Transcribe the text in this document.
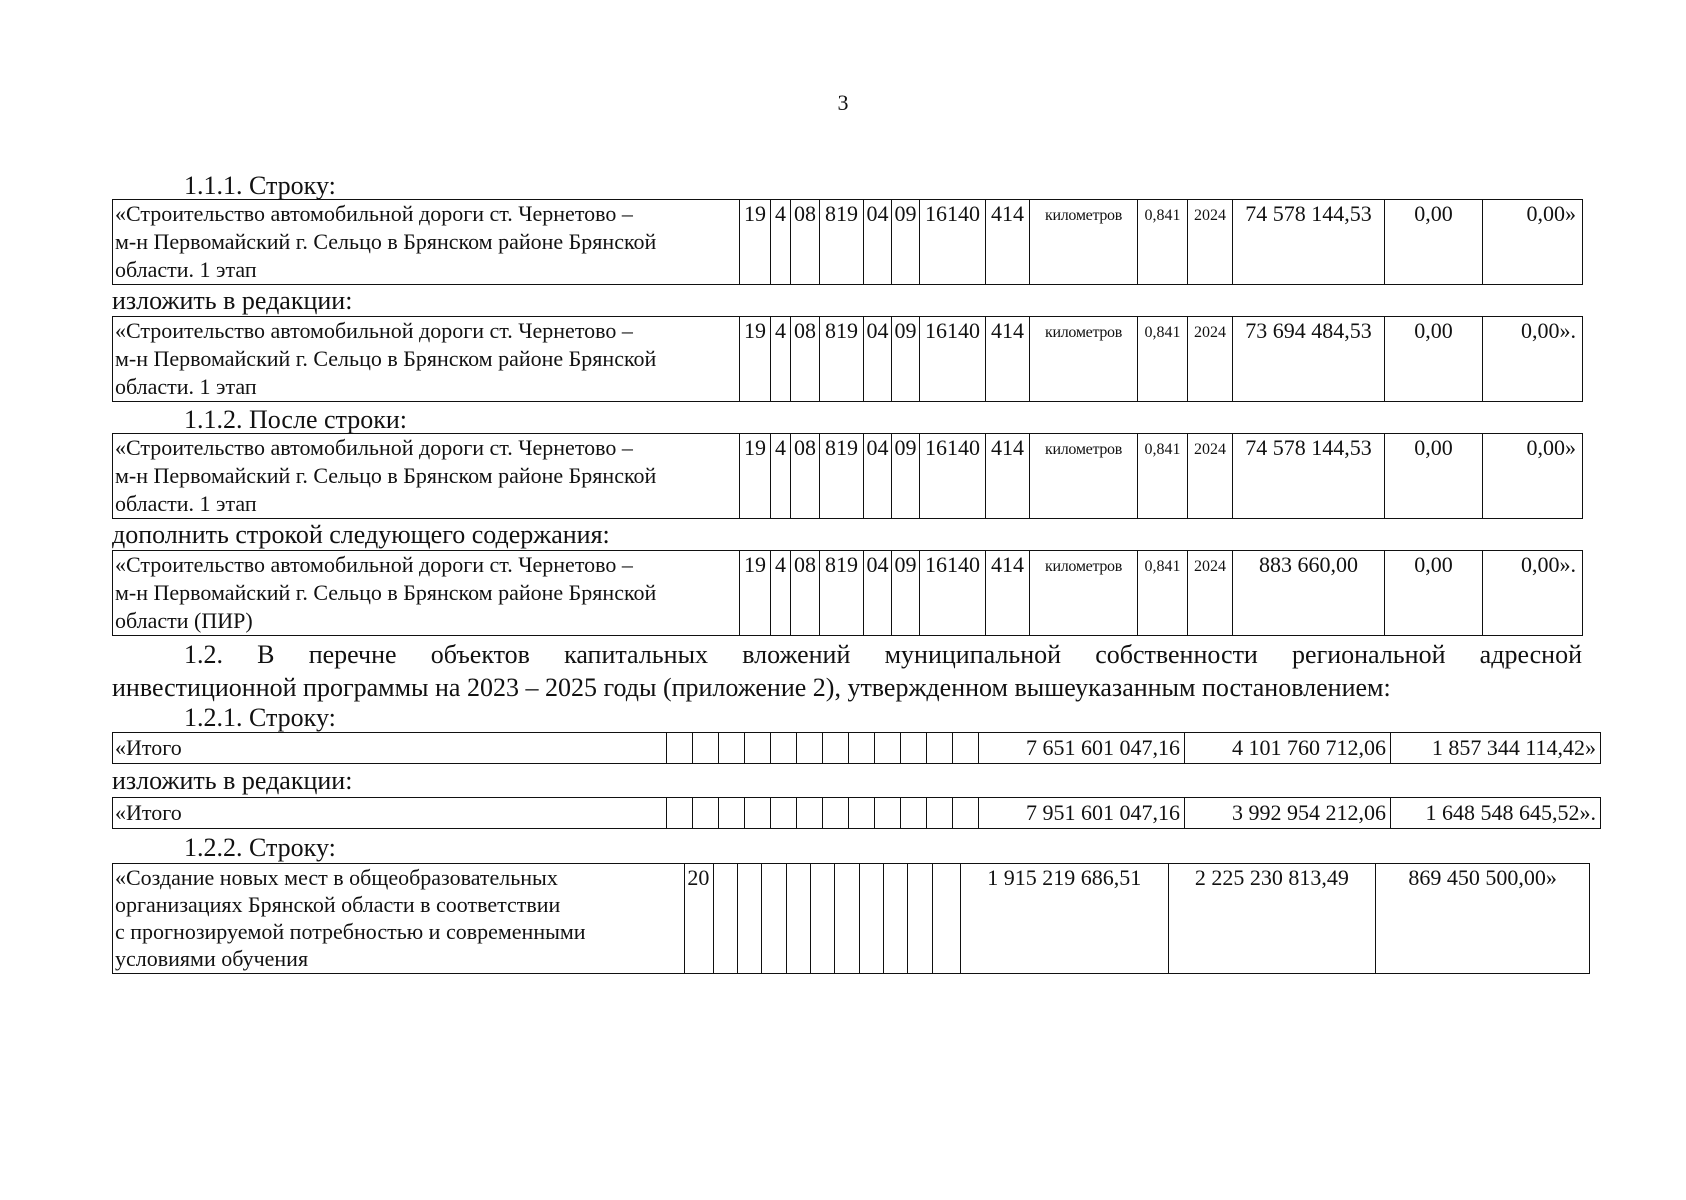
3
1.1.1. Строку:
«Строительство автомобильной дороги ст. Чернетово –
м-н Первомайский г. Сельцо в Брянском районе Брянской
области. 1 этап
	19	4	08	819	04	09	16140	414	километров	0,841	2024	74 578 144,53	0,00	0,00»
изложить в редакции:
«Строительство автомобильной дороги ст. Чернетово –
м-н Первомайский г. Сельцо в Брянском районе Брянской
области. 1 этап
	19	4	08	819	04	09	16140	414	километров	0,841	2024	73 694 484,53	0,00	0,00».
1.1.2. После строки:
«Строительство автомобильной дороги ст. Чернетово –
м-н Первомайский г. Сельцо в Брянском районе Брянской
области. 1 этап
	19	4	08	819	04	09	16140	414	километров	0,841	2024	74 578 144,53	0,00	0,00»
дополнить строкой следующего содержания:
«Строительство автомобильной дороги ст. Чернетово –
м-н Первомайский г. Сельцо в Брянском районе Брянской
области (ПИР)
	19	4	08	819	04	09	16140	414	километров	0,841	2024	883 660,00	0,00	0,00».
1.2. В перечне объектов капитальных вложений муниципальной собственности региональной адресной
инвестиционной программы на 2023 – 2025 годы (приложение 2), утвержденном вышеуказанным постановлением:
1.2.1. Строку:
«Итого													7 651 601 047,16	4 101 760 712,06	1 857 344 114,42»
изложить в редакции:
«Итого													7 951 601 047,16	3 992 954 212,06	1 648 548 645,52».
1.2.2. Строку:
«Создание новых мест в общеобразовательных
организациях Брянской области в соответствии
с прогнозируемой потребностью и современными
условиями обучения
	20											1 915 219 686,51	2 225 230 813,49	869 450 500,00»
